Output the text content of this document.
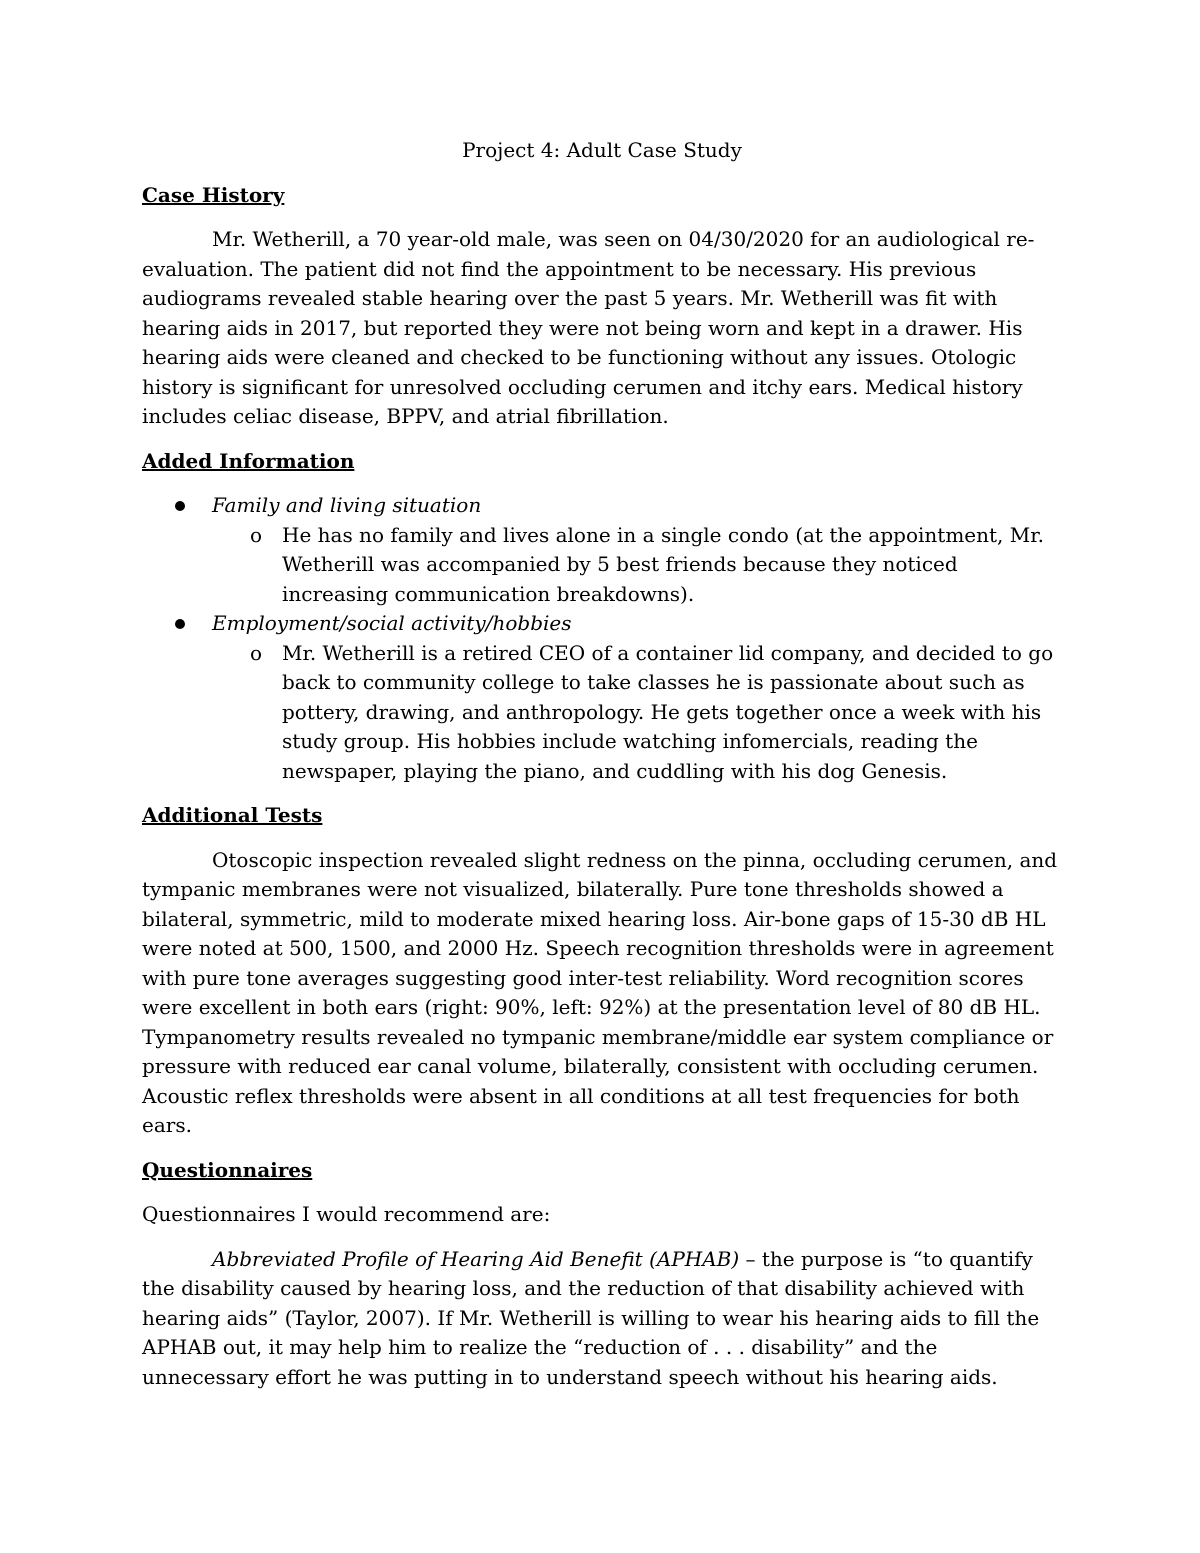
Project 4: Adult Case Study
Case History

Mr. Wetherill, a 70 year-old male, was seen on 04/30/2020 for an audiological re-evaluation. The patient did not find the appointment to be necessary. His previous audiograms revealed stable hearing over the past 5 years. Mr. Wetherill was fit with hearing aids in 2017, but reported they were not being worn and kept in a drawer. His hearing aids were cleaned and checked to be functioning without any issues. Otologic history is significant for unresolved occluding cerumen and itchy ears. Medical history includes celiac disease, BPPV, and atrial fibrillation.

Added Information
Family and living situation
o He has no family and lives alone in a single condo (at the appointment, Mr. Wetherill was accompanied by 5 best friends because they noticed increasing communication breakdowns).
Employment/social activity/hobbies
o Mr. Wetherill is a retired CEO of a container lid company, and decided to go back to community college to take classes he is passionate about such as pottery, drawing, and anthropology. He gets together once a week with his study group. His hobbies include watching infomercials, reading the newspaper, playing the piano, and cuddling with his dog Genesis.
Additional Tests

Otoscopic inspection revealed slight redness on the pinna, occluding cerumen, and tympanic membranes were not visualized, bilaterally. Pure tone thresholds showed a bilateral, symmetric, mild to moderate mixed hearing loss. Air-bone gaps of 15-30 dB HL were noted at 500, 1500, and 2000 Hz. Speech recognition thresholds were in agreement with pure tone averages suggesting good inter-test reliability. Word recognition scores were excellent in both ears (right: 90%, left: 92%) at the presentation level of 80 dB HL. Tympanometry results revealed no tympanic membrane/middle ear system compliance or pressure with reduced ear canal volume, bilaterally, consistent with occluding cerumen. Acoustic reflex thresholds were absent in all conditions at all test frequencies for both ears.

Questionnaires

Questionnaires I would recommend are:

Abbreviated Profile of Hearing Aid Benefit (APHAB) – the purpose is “to quantify the disability caused by hearing loss, and the reduction of that disability achieved with hearing aids” (Taylor, 2007). If Mr. Wetherill is willing to wear his hearing aids to fill the APHAB out, it may help him to realize the “reduction of . . . disability” and the unnecessary effort he was putting in to understand speech without his hearing aids.
